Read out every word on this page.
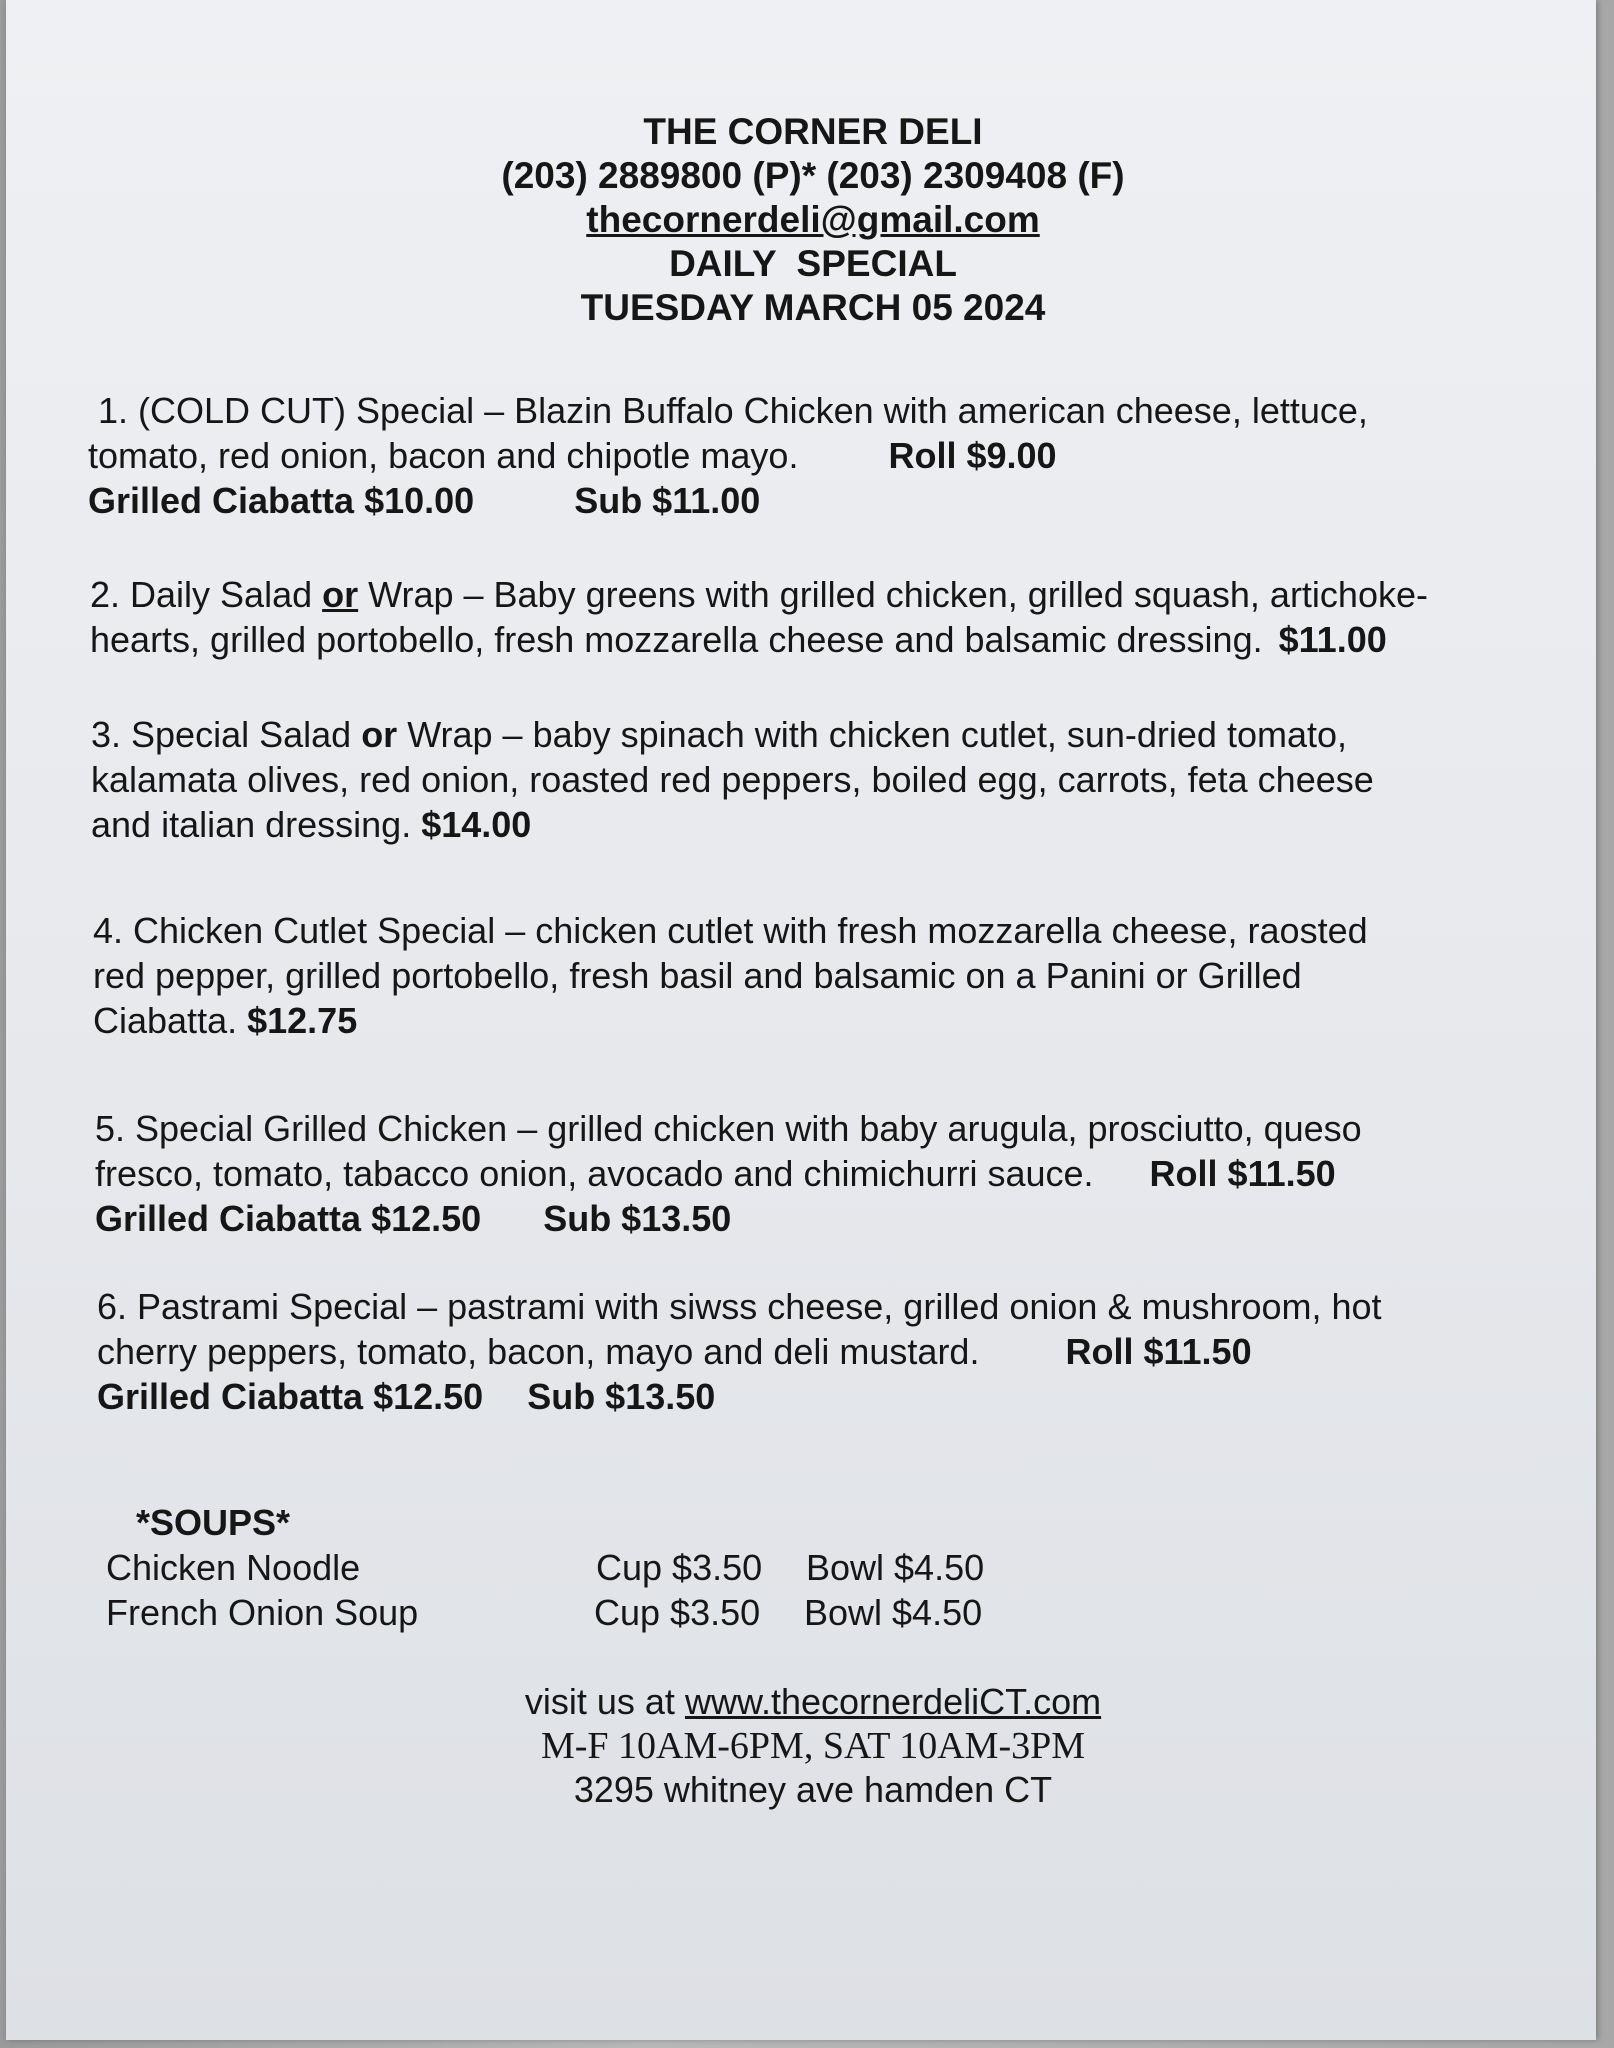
THE CORNER DELI
(203) 2889800 (P)* (203) 2309408 (F)
thecornerdeli@gmail.com
DAILY  SPECIAL
TUESDAY MARCH 05 2024
1. (COLD CUT) Special – Blazin Buffalo Chicken with american cheese, lettuce,
tomato, red onion, bacon and chipotle mayo.	Roll $9.00
Grilled Ciabatta $10.00	Sub $11.00
2. Daily Salad or Wrap – Baby greens with grilled chicken, grilled squash, artichoke-
hearts, grilled portobello, fresh mozzarella cheese and balsamic dressing. $11.00
3. Special Salad or Wrap – baby spinach with chicken cutlet, sun-dried tomato,
kalamata olives, red onion, roasted red peppers, boiled egg, carrots, feta cheese
and italian dressing. $14.00
4. Chicken Cutlet Special – chicken cutlet with fresh mozzarella cheese, raosted
red pepper, grilled portobello, fresh basil and balsamic on a Panini or Grilled
Ciabatta. $12.75
5. Special Grilled Chicken – grilled chicken with baby arugula, prosciutto, queso
fresco, tomato, tabacco onion, avocado and chimichurri sauce. Roll $11.50
Grilled Ciabatta $12.50 Sub $13.50
6. Pastrami Special – pastrami with siwss cheese, grilled onion & mushroom, hot
cherry peppers, tomato, bacon, mayo and deli mustard. Roll $11.50
Grilled Ciabatta $12.50 Sub $13.50
*SOUPS*
Chicken Noodle	Cup $3.50 Bowl $4.50
French Onion Soup	Cup $3.50 Bowl $4.50
visit us at www.thecornerdeliCT.com
M-F 10AM-6PM, SAT 10AM-3PM
3295 whitney ave hamden CT
